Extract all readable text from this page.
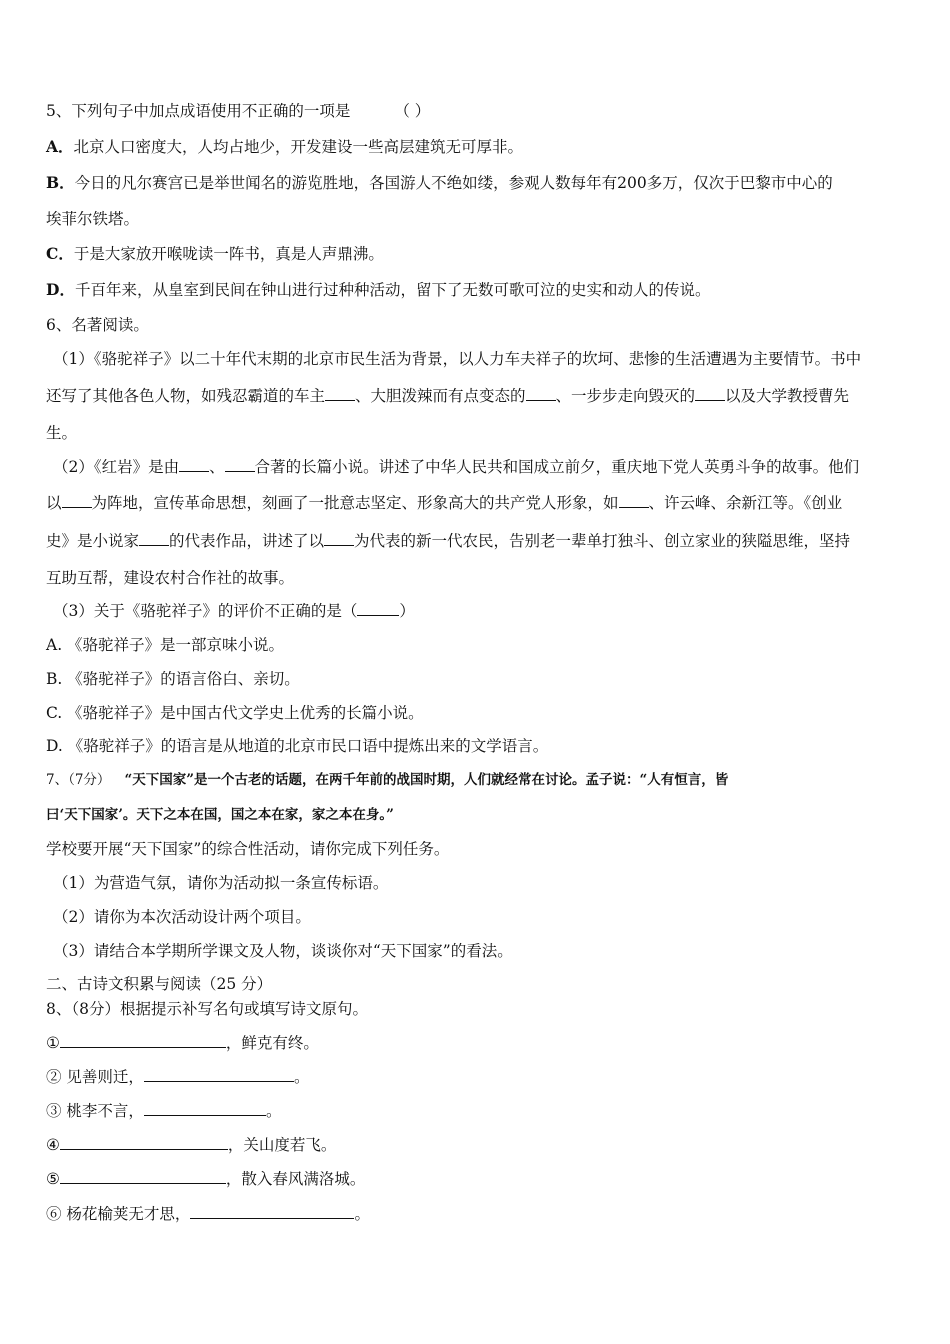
5、下列句子中加点成语使用不正确的一项是	（ ）
A．北京人口密度大，人均占地少，开发建设一些高层建筑无可厚非。
B．今日的凡尔赛宫已是举世闻名的游览胜地，各国游人不绝如缕，参观人数每年有200多万，仅次于巴黎市中心的
埃菲尔铁塔。
C．于是大家放开喉咙读一阵书，真是人声鼎沸。
D．千百年来，从皇室到民间在钟山进行过种种活动，留下了无数可歌可泣的史实和动人的传说。
6、名著阅读。
（1）《骆驼祥子》以二十年代末期的北京市民生活为背景，以人力车夫祥子的坎坷、悲惨的生活遭遇为主要情节。书中
还写了其他各色人物，如残忍霸道的车主 、大胆泼辣而有点变态的 、一步步走向毁灭的 以及大学教授曹先
生。
（2）《红岩》是由 、 合著的长篇小说。讲述了中华人民共和国成立前夕，重庆地下党人英勇斗争的故事。他们
以 为阵地，宣传革命思想，刻画了一批意志坚定、形象高大的共产党人形象，如 、许云峰、余新江等。《创业
史》是小说家 的代表作品，讲述了以 为代表的新一代农民，告别老一辈单打独斗、创立家业的狭隘思维，坚持
互助互帮，建设农村合作社的故事。
（3）关于《骆驼祥子》的评价不正确的是（	）
A. 《骆驼祥子》是一部京味小说。
B. 《骆驼祥子》的语言俗白、亲切。
C. 《骆驼祥子》是中国古代文学史上优秀的长篇小说。
D. 《骆驼祥子》的语言是从地道的北京市民口语中提炼出来的文学语言。
7、（7分） “天下国家”是一个古老的话题，在两千年前的战国时期，人们就经常在讨论。孟子说：“人有恒言，皆
曰‘天下国家’。天下之本在国，国之本在家，家之本在身。”
学校要开展“天下国家”的综合性活动，请你完成下列任务。
（1）为营造气氛，请你为活动拟一条宣传标语。
（2）请你为本次活动设计两个项目。
（3）请结合本学期所学课文及人物，谈谈你对“天下国家”的看法。
二、古诗文积累与阅读（25 分）
8、（8分）根据提示补写名句或填写诗文原句。
①	，鲜克有终。
② 见善则迁，	。
③ 桃李不言，	。
④	，关山度若飞。
⑤	，散入春风满洛城。
⑥ 杨花榆荚无才思，	。
